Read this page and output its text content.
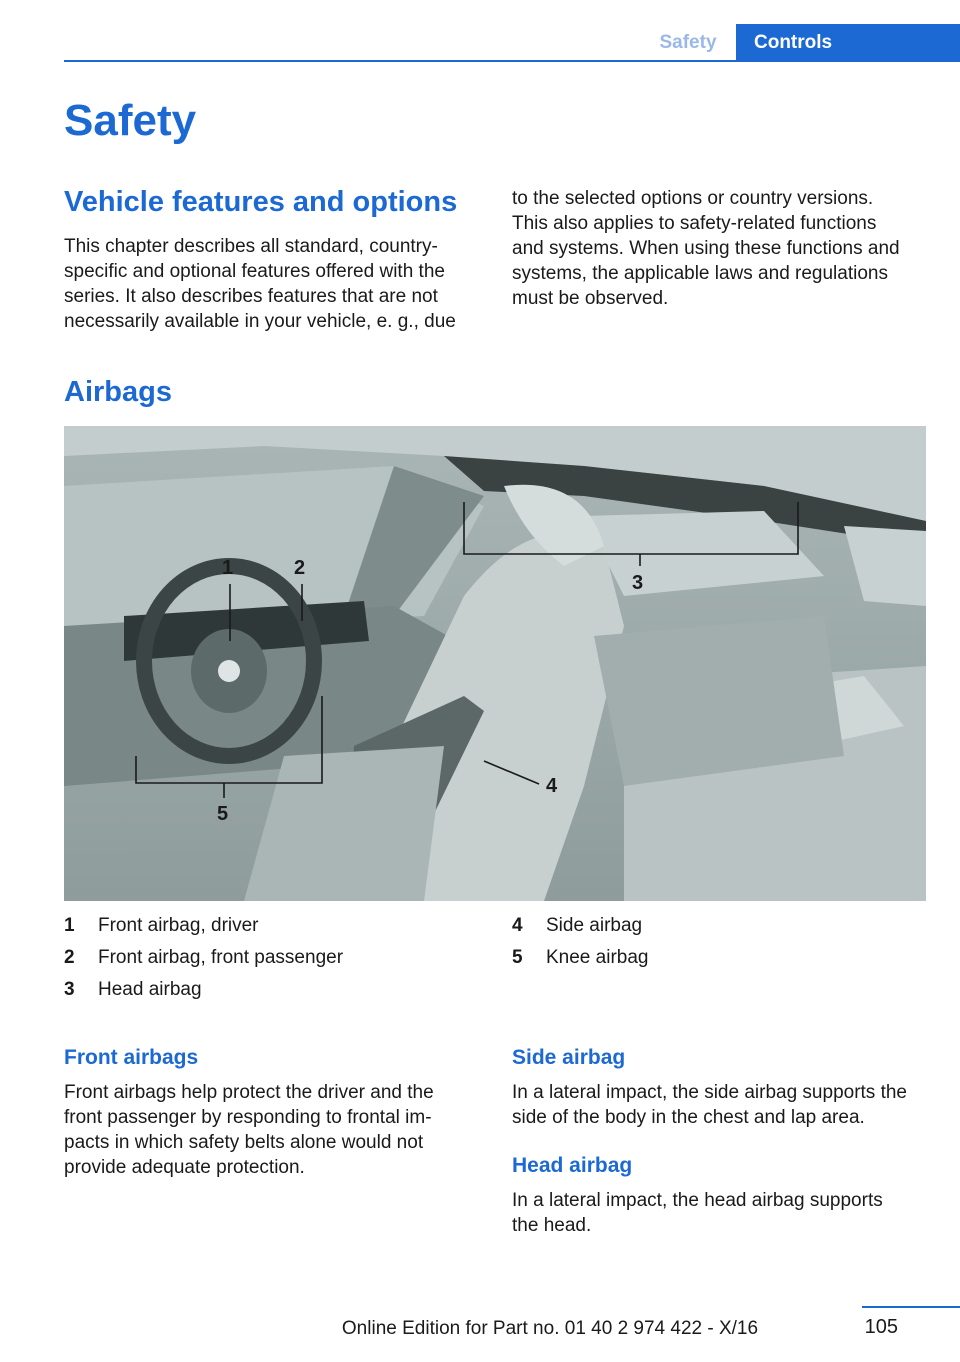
Safety	Controls
Safety
Vehicle features and options
This chapter describes all standard, country-
specific and optional features offered with the
series. It also describes features that are not
necessarily available in your vehicle, e. g., due
to the selected options or country versions.
This also applies to safety-related functions
and systems. When using these functions and
systems, the applicable laws and regulations
must be observed.
Airbags
1	2
3
4
5
1 Front airbag, driver
2 Front airbag, front passenger
3 Head airbag
4 Side airbag
5 Knee airbag
Front airbags
Front airbags help protect the driver and the
front passenger by responding to frontal im‐
pacts in which safety belts alone would not
provide adequate protection.
Side airbag
In a lateral impact, the side airbag supports the
side of the body in the chest and lap area.
Head airbag
In a lateral impact, the head airbag supports
the head.
105
Online Edition for Part no. 01 40 2 974 422 - X/16
